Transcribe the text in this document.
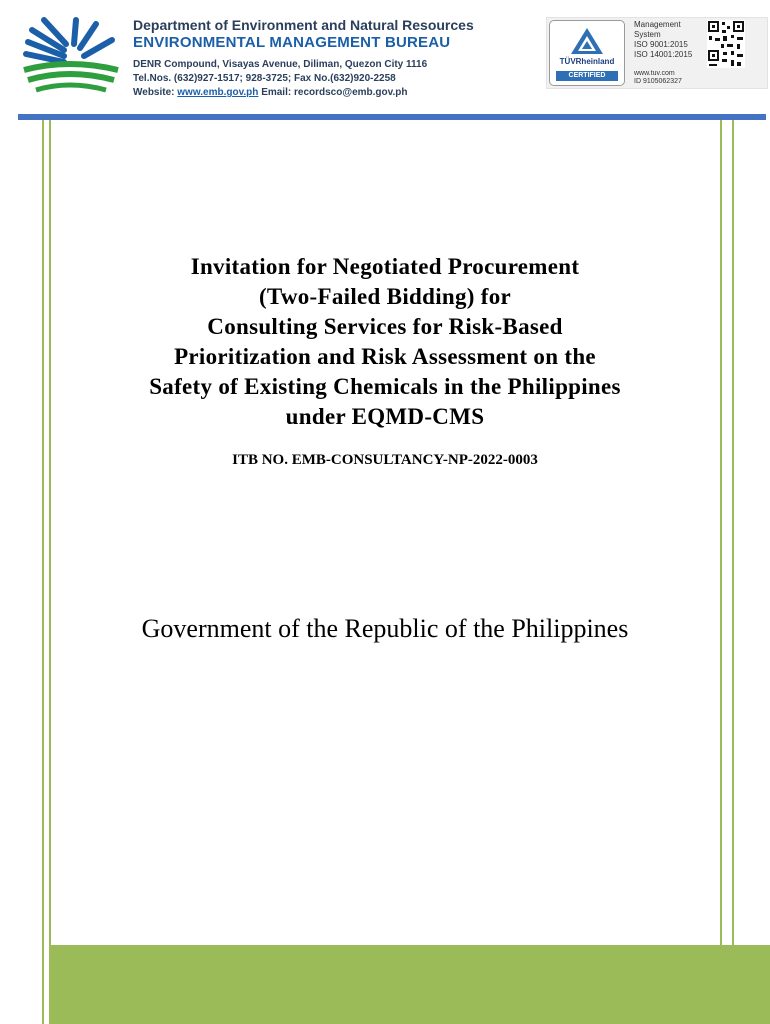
Department of Environment and Natural Resources
ENVIRONMENTAL MANAGEMENT BUREAU
DENR Compound, Visayas Avenue, Diliman, Quezon City 1116
Tel.Nos. (632)927-1517; 928-3725; Fax No.(632)920-2258
Website: www.emb.gov.ph Email: recordsco@emb.gov.ph
TÜVRheinland
CERTIFIED
Management
System
ISO 9001:2015
ISO 14001:2015
www.tuv.com
ID 9105062327
Invitation for Negotiated Procurement
(Two-Failed Bidding) for
Consulting Services for Risk-Based
Prioritization and Risk Assessment on the
Safety of Existing Chemicals in the Philippines
under EQMD-CMS
ITB NO. EMB-CONSULTANCY-NP-2022-0003
Government of the Republic of the Philippines
